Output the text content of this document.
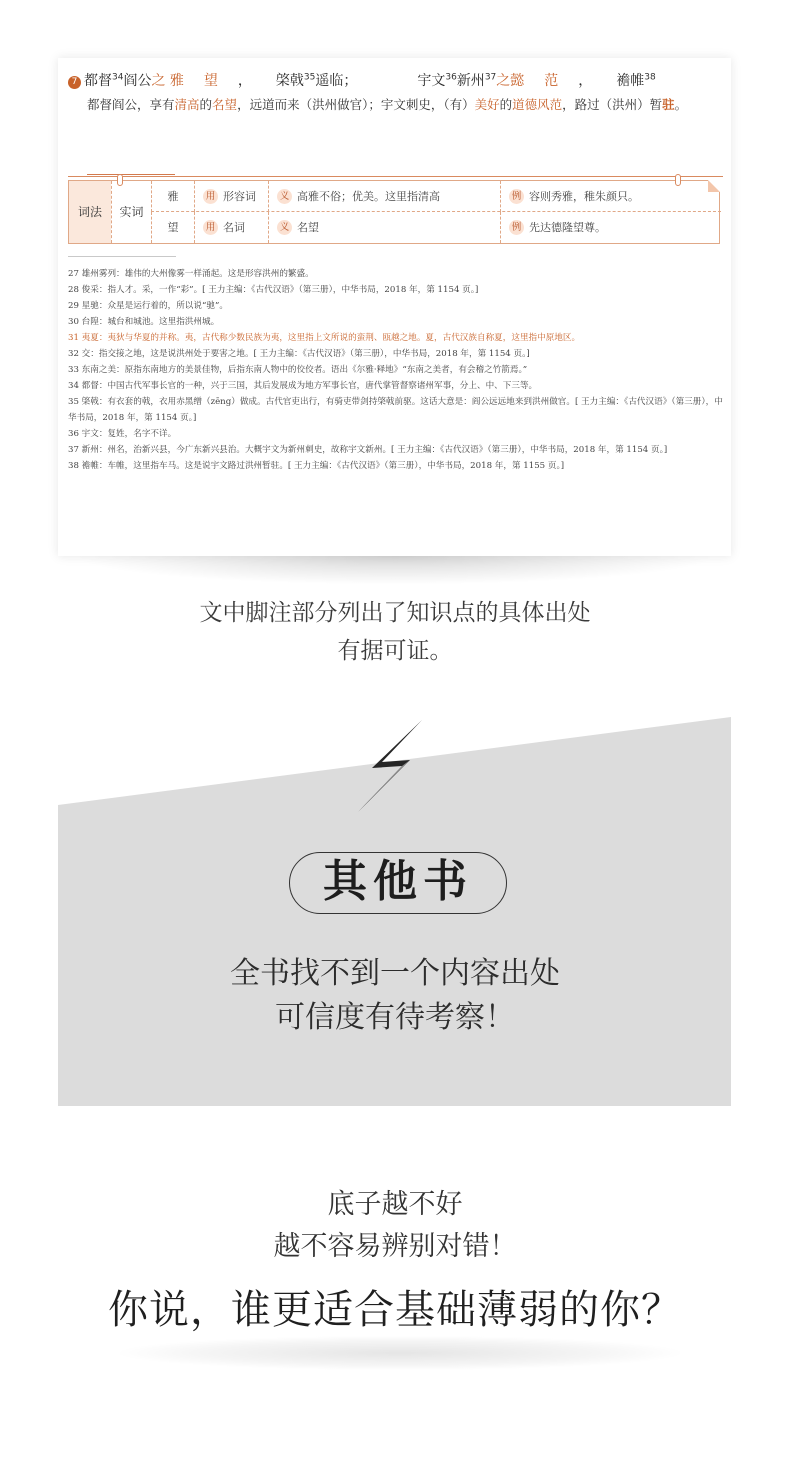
7 都督$^{34}$阎公之 雅望， 棨戟$^{35}$遥临；	宇文$^{36}$新州$^{37}$之懿范， 襜帷$^{38}$
都督阎公，享有清高的名望，远道而来（洪州做官）；宇文刺史，（有）美好的道德风范，路过（洪州）暂驻。
词法	实词
雅	用 形容词	义 高雅不俗；优美。这里指清高	例 容则秀雅，稚朱颜只。
望	用 名词	义 名望	例 先达德隆望尊。
27 雄州雾列：雄伟的大州像雾一样涌起。这是形容洪州的繁盛。
28 俊采：指人才。采，一作“彩”。[ 王力主编：《古代汉语》（第三册），中华书局，2018 年，第 1154 页。]
29 星驰：众星是运行着的，所以说“驰”。
30 台隍：城台和城池。这里指洪州城。
31 夷夏：夷狄与华夏的并称。夷，古代称少数民族为夷，这里指上文所说的蛮荆、瓯越之地。夏，古代汉族自称夏，这里指中原地区。
32 交：指交接之地，这是说洪州处于要害之地。[ 王力主编：《古代汉语》（第三册），中华书局，2018 年，第 1154 页。]
33 东南之美：原指东南地方的美景佳物，后指东南人物中的佼佼者。语出《尔雅·释地》“东南之美者，有会稽之竹箭焉。”
34 都督：中国古代军事长官的一种，兴于三国，其后发展成为地方军事长官，唐代掌管督察诸州军事，分上、中、下三等。
35 棨戟：有衣套的戟，衣用赤黑缯（zēng）做成。古代官吏出行，有骑吏带剑持棨戟前驱。这话大意是：阎公远远地来到洪州做官。[ 王力主编：《古代汉语》（第三册），中华书局，2018 年，第 1154 页。]
36 宇文：复姓，名字不详。
37 新州：州名，治新兴县，今广东新兴县治。大概宇文为新州刺史，故称宇文新州。[ 王力主编：《古代汉语》（第三册），中华书局，2018 年，第 1154 页。]
38 襜帷：车帷，这里指车马。这是说宇文路过洪州暂驻。[ 王力主编：《古代汉语》（第三册），中华书局，2018 年，第 1155 页。]
文中脚注部分列出了知识点的具体出处
有据可证。
其他书
全书找不到一个内容出处
可信度有待考察！
底子越不好
越不容易辨别对错！
你说，谁更适合基础薄弱的你？
